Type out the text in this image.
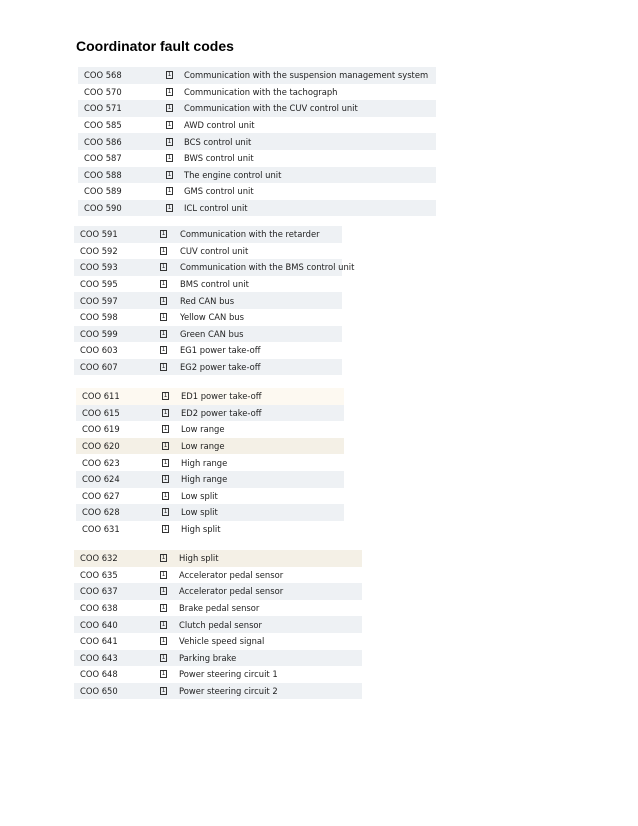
Coordinator fault codes
COO 568	1 Communication with the suspension management system
COO 570	1 Communication with the tachograph
COO 571	1 Communication with the CUV control unit
COO 585	1 AWD control unit
COO 586	1 BCS control unit
COO 587	1 BWS control unit
COO 588	1 The engine control unit
COO 589	1 GMS control unit
COO 590	1 ICL control unit
COO 591	1 Communication with the retarder
COO 592	1 CUV control unit
COO 593	1 Communication with the BMS control unit
COO 595	1 BMS control unit
COO 597	1 Red CAN bus
COO 598	1 Yellow CAN bus
COO 599	1 Green CAN bus
COO 603	1 EG1 power take-off
COO 607	1 EG2 power take-off
COO 611	1 ED1 power take-off
COO 615	1 ED2 power take-off
COO 619	1 Low range
COO 620	1 Low range
COO 623	1 High range
COO 624	1 High range
COO 627	1 Low split
COO 628	1 Low split
COO 631	1 High split
COO 632	1 High split
COO 635	1 Accelerator pedal sensor
COO 637	1 Accelerator pedal sensor
COO 638	1 Brake pedal sensor
COO 640	1 Clutch pedal sensor
COO 641	1 Vehicle speed signal
COO 643	1 Parking brake
COO 648	1 Power steering circuit 1
COO 650	1 Power steering circuit 2
